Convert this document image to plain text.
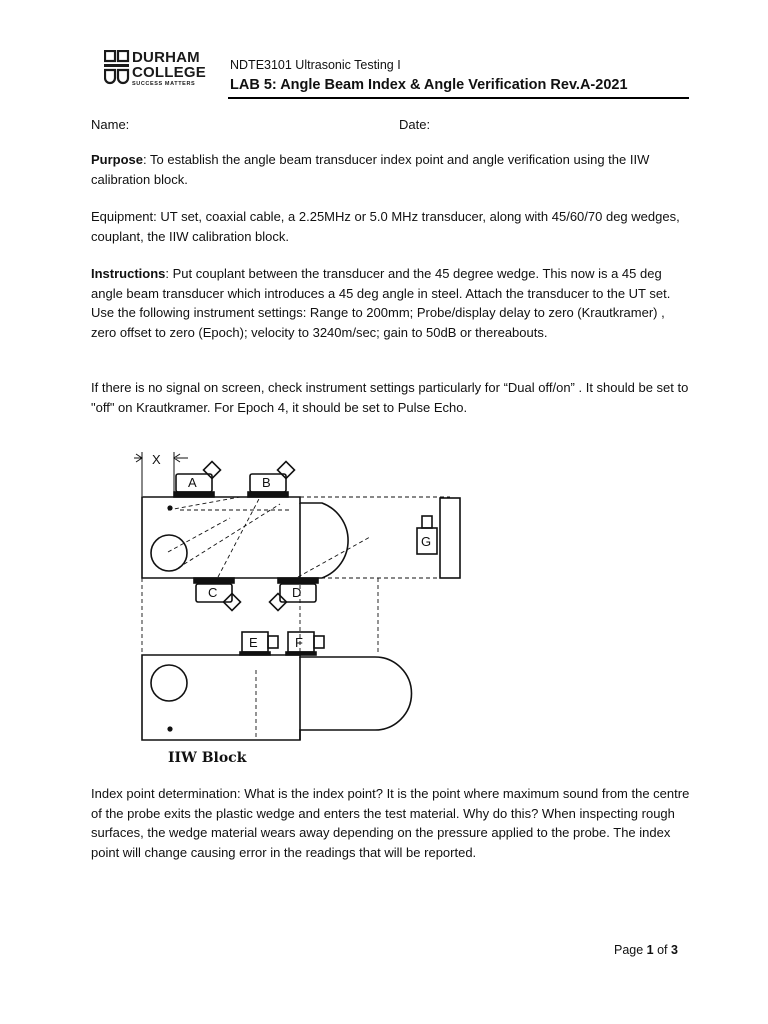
DURHAM
COLLEGE
SUCCESS MATTERS
NDTE3101 Ultrasonic Testing I
LAB 5: Angle Beam Index & Angle Verification Rev.A-2021
Name:	Date:
Purpose: To establish the angle beam transducer index point and angle verification using the IIW calibration block.
Equipment: UT set, coaxial cable, a 2.25MHz or 5.0 MHz transducer, along with 45/60/70 deg wedges, couplant, the IIW calibration block.
Instructions: Put couplant between the transducer and the 45 degree wedge. This now is a 45 deg angle beam transducer which introduces a 45 deg angle in steel. Attach the transducer to the UT set.
Use the following instrument settings: Range to 200mm; Probe/display delay to zero (Krautkramer) , zero offset to zero (Epoch); velocity to 3240m/sec; gain to 50dB or thereabouts.
If there is no signal on screen, check instrument settings particularly for “Dual off/on” . It should be set to "off" on Krautkramer. For Epoch 4, it should be set to Pulse Echo.
X
A	B
C	D
E	F
G
IIW Block
Index point determination: What is the index point? It is the point where maximum sound from the centre of the probe exits the plastic wedge and enters the test material. Why do this? When inspecting rough surfaces, the wedge material wears away depending on the pressure applied to the probe. The index point will change causing error in the readings that will be reported.
Page 1 of 3
